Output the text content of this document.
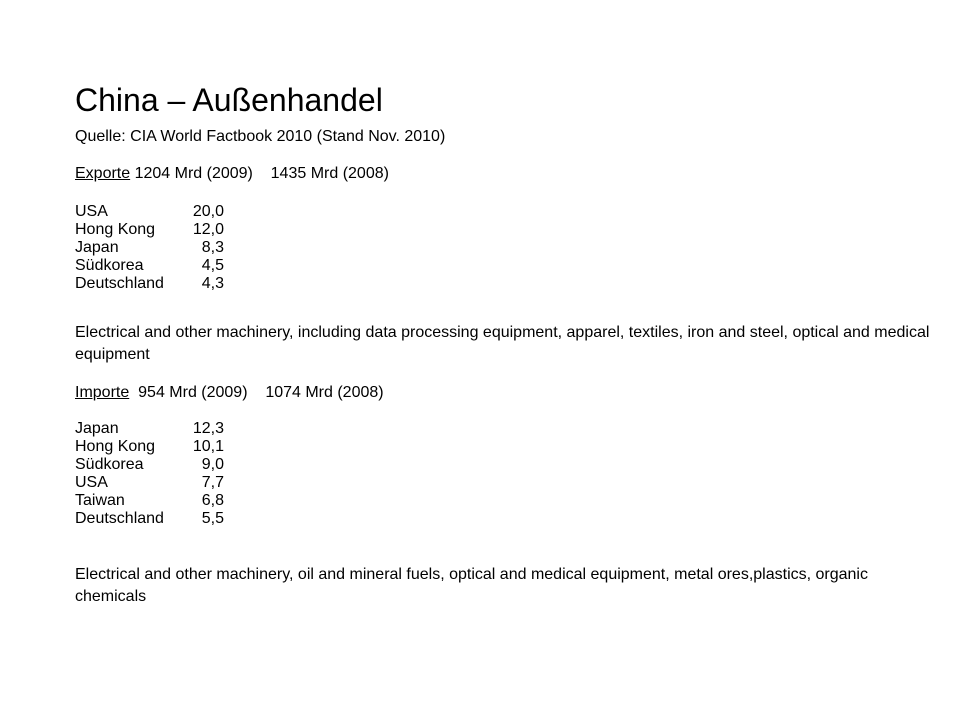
China – Außenhandel
Quelle: CIA World Factbook 2010 (Stand Nov. 2010)
Exporte 1204 Mrd (2009)    1435 Mrd (2008)
USA	20,0
Hong Kong	12,0
Japan	8,3
Südkorea	4,5
Deutschland	4,3
Electrical and other machinery, including data processing equipment, apparel, textiles, iron and steel, optical and medical equipment
Importe  954 Mrd (2009)    1074 Mrd (2008)
Japan	12,3
Hong Kong	10,1
Südkorea	9,0
USA	7,7
Taiwan	6,8
Deutschland	5,5
Electrical and other machinery, oil and mineral fuels, optical and medical equipment, metal ores,plastics, organic chemicals
